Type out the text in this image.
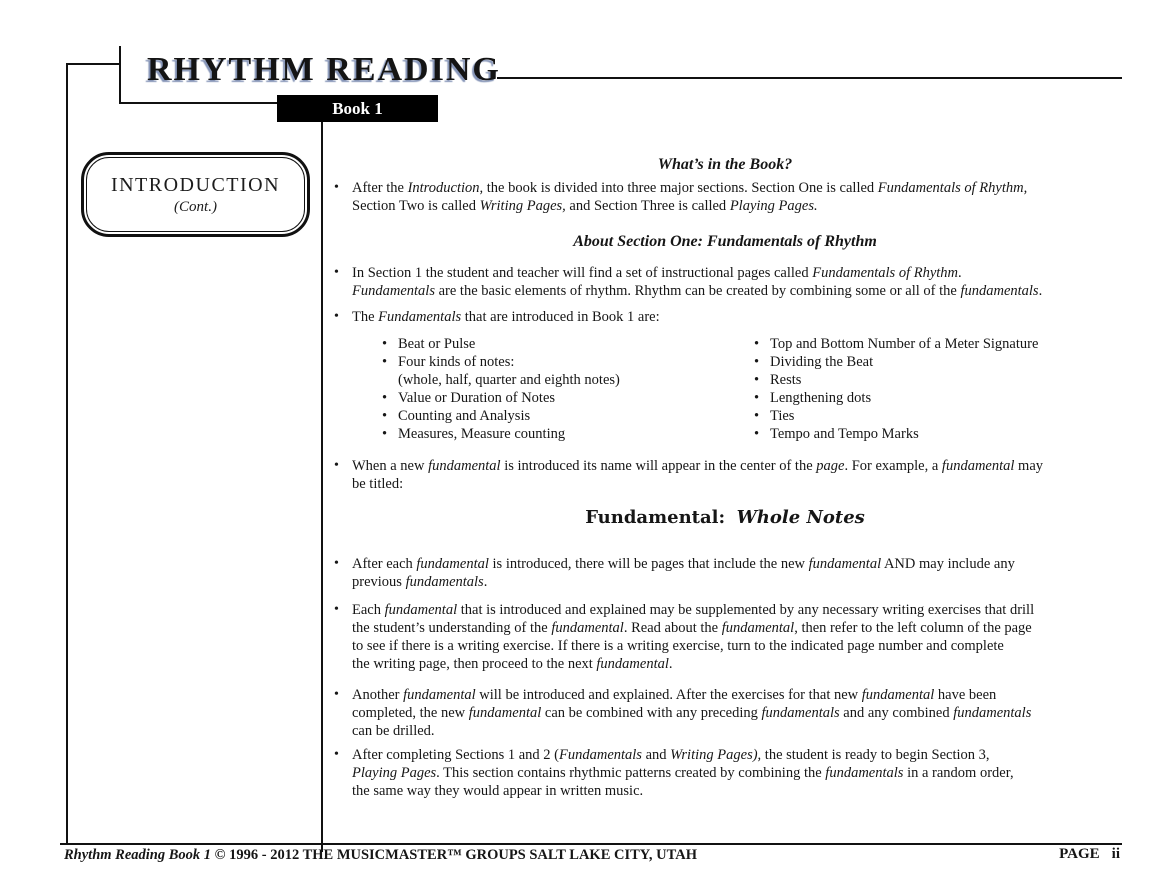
RHYTHM READING
Book 1
INTRODUCTION
(Cont.)
What’s in the Book?
• After the Introduction, the book is divided into three major sections. Section One is called Fundamentals of Rhythm,
Section Two is called Writing Pages, and Section Three is called Playing Pages.
About Section One: Fundamentals of Rhythm
• In Section 1 the student and teacher will find a set of instructional pages called Fundamentals of Rhythm.
Fundamentals are the basic elements of rhythm. Rhythm can be created by combining some or all of the fundamentals.
• The Fundamentals that are introduced in Book 1 are:
• Beat or Pulse
• Four kinds of notes:
(whole, half, quarter and eighth notes)
• Value or Duration of Notes
• Counting and Analysis
• Measures, Measure counting
• Top and Bottom Number of a Meter Signature
• Dividing the Beat
• Rests
• Lengthening dots
• Ties
• Tempo and Tempo Marks
• When a new fundamental is introduced its name will appear in the center of the page. For example, a fundamental may
be titled:
Fundamental: Whole Notes
• After each fundamental is introduced, there will be pages that include the new fundamental AND may include any
previous fundamentals.
• Each fundamental that is introduced and explained may be supplemented by any necessary writing exercises that drill
the student’s understanding of the fundamental. Read about the fundamental, then refer to the left column of the page
to see if there is a writing exercise. If there is a writing exercise, turn to the indicated page number and complete
the writing page, then proceed to the next fundamental.
• Another fundamental will be introduced and explained. After the exercises for that new fundamental have been
completed, the new fundamental can be combined with any preceding fundamentals and any combined fundamentals
can be drilled.
• After completing Sections 1 and 2 (Fundamentals and Writing Pages), the student is ready to begin Section 3,
Playing Pages. This section contains rhythmic patterns created by combining the fundamentals in a random order,
the same way they would appear in written music.
Rhythm Reading Book 1 © 1996 - 2012 THE MUSICMASTER™ GROUPS SALT LAKE CITY, UTAH	PAGE ii
